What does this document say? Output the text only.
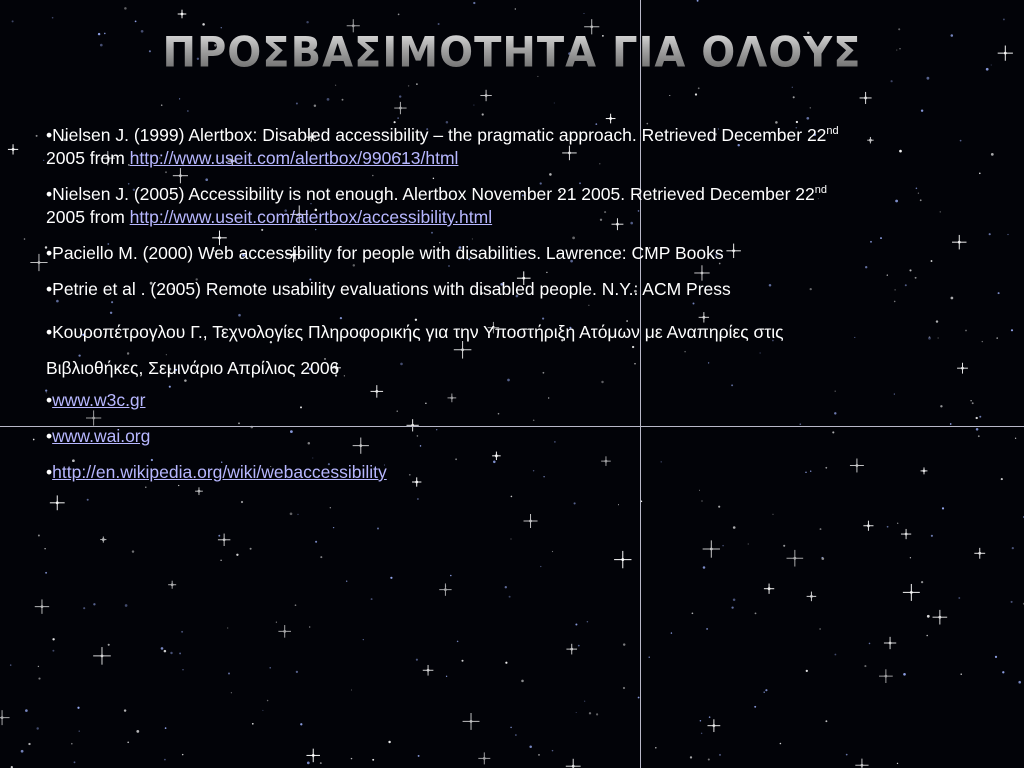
ΠΡΟΣΒΑΣΙΜΟΤΗΤΑ ΓΙΑ ΟΛΟΥΣ
•Nielsen J. (1999) Alertbox: Disabled accessibility – the pragmatic approach. Retrieved December 22nd
2005 from http://www.useit.com/alertbox/990613/html
•Nielsen J. (2005) Accessibility is not enough. Alertbox November 21 2005. Retrieved December 22nd
2005 from http://www.useit.com/alertbox/accessibility.html
•Paciello M. (2000) Web accessibility for people with disabilities. Lawrence: CMP Books
•Petrie et al . (2005) Remote usability evaluations with disabled people. N.Y.: ACM Press
•Κουροπέτρογλου Γ., Τεχνολογίες Πληροφορικής για την Υποστήριξη Ατόμων με Αναπηρίες στις
Βιβλιοθήκες, Σεμινάριο Απρίλιος 2006
•www.w3c.gr
•www.wai.org
•http://en.wikipedia.org/wiki/webaccessibility
